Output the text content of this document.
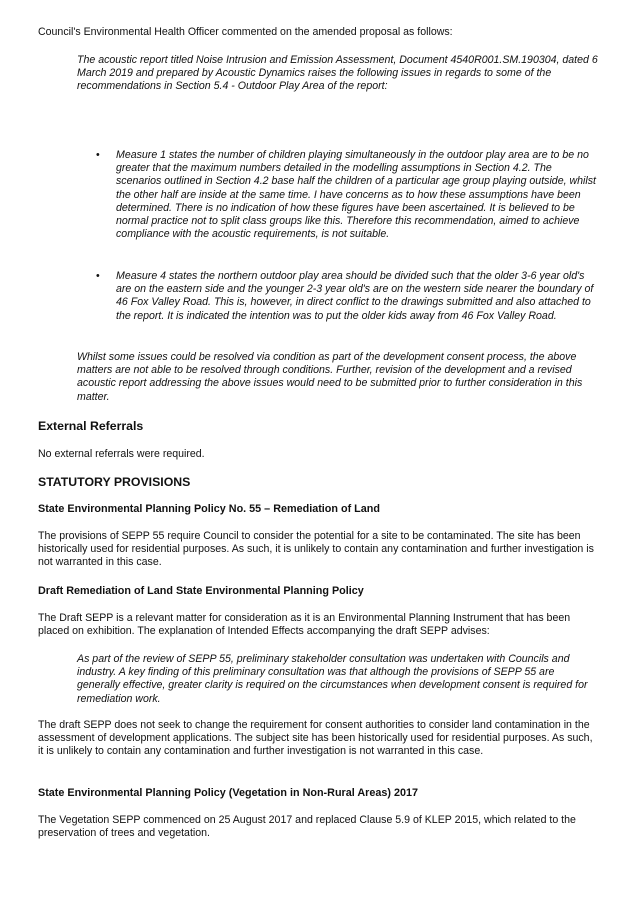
Council's Environmental Health Officer commented on the amended proposal as follows:

The acoustic report titled Noise Intrusion and Emission Assessment, Document 4540R001.SM.190304, dated 6 March 2019 and prepared by Acoustic Dynamics raises the following issues in regards to some of the recommendations in Section 5.4 - Outdoor Play Area of the report:

• Measure 1 states the number of children playing simultaneously in the outdoor play area are to be no greater that the maximum numbers detailed in the modelling assumptions in Section 4.2. The scenarios outlined in Section 4.2 base half the children of a particular age group playing outside, whilst the other half are inside at the same time. I have concerns as to how these assumptions have been determined. There is no indication of how these figures have been ascertained. It is believed to be normal practice not to split class groups like this. Therefore this recommendation, aimed to achieve compliance with the acoustic requirements, is not suitable.
• Measure 4 states the northern outdoor play area should be divided such that the older 3-6 year old's are on the eastern side and the younger 2-3 year old's are on the western side nearer the boundary of 46 Fox Valley Road. This is, however, in direct conflict to the drawings submitted and also attached to the report. It is indicated the intention was to put the older kids away from 46 Fox Valley Road.

Whilst some issues could be resolved via condition as part of the development consent process, the above matters are not able to be resolved through conditions. Further, revision of the development and a revised acoustic report addressing the above issues would need to be submitted prior to further consideration in this matter.

External Referrals

No external referrals were required.

STATUTORY PROVISIONS
State Environmental Planning Policy No. 55 – Remediation of Land

The provisions of SEPP 55 require Council to consider the potential for a site to be contaminated. The site has been historically used for residential purposes. As such, it is unlikely to contain any contamination and further investigation is not warranted in this case.

Draft Remediation of Land State Environmental Planning Policy

The Draft SEPP is a relevant matter for consideration as it is an Environmental Planning Instrument that has been placed on exhibition. The explanation of Intended Effects accompanying the draft SEPP advises:

As part of the review of SEPP 55, preliminary stakeholder consultation was undertaken with Councils and industry. A key finding of this preliminary consultation was that although the provisions of SEPP 55 are generally effective, greater clarity is required on the circumstances when development consent is required for remediation work.

The draft SEPP does not seek to change the requirement for consent authorities to consider land contamination in the assessment of development applications. The subject site has been historically used for residential purposes. As such, it is unlikely to contain any contamination and further investigation is not warranted in this case.

State Environmental Planning Policy (Vegetation in Non-Rural Areas) 2017

The Vegetation SEPP commenced on 25 August 2017 and replaced Clause 5.9 of KLEP 2015, which related to the preservation of trees and vegetation.
